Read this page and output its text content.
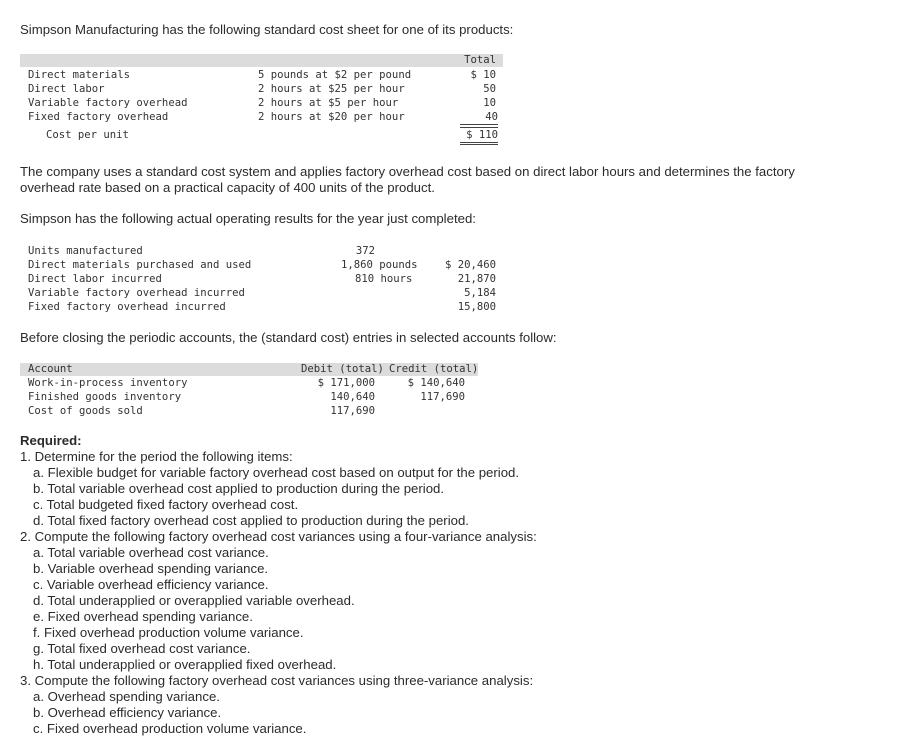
Simpson Manufacturing has the following standard cost sheet for one of its products:
Total
Direct materials	5 pounds at $2 per pound	$ 10
Direct labor	2 hours at $25 per hour	50
Variable factory overhead	2 hours at $5 per hour	10
Fixed factory overhead	2 hours at $20 per hour	40
Cost per unit	$ 110
The company uses a standard cost system and applies factory overhead cost based on direct labor hours and determines the factory
overhead rate based on a practical capacity of 400 units of the product.
Simpson has the following actual operating results for the year just completed:
Units manufactured	372
Direct materials purchased and used	1,860 pounds	$ 20,460
Direct labor incurred	810 hours	21,870
Variable factory overhead incurred	5,184
Fixed factory overhead incurred	15,800
Before closing the periodic accounts, the (standard cost) entries in selected accounts follow:
Account	Debit (total) Credit (total)
Work-in-process inventory	$ 171,000	$ 140,640
Finished goods inventory	140,640	117,690
Cost of goods sold	117,690
Required:
1. Determine for the period the following items:
a. Flexible budget for variable factory overhead cost based on output for the period.
b. Total variable overhead cost applied to production during the period.
c. Total budgeted fixed factory overhead cost.
d. Total fixed factory overhead cost applied to production during the period.
2. Compute the following factory overhead cost variances using a four-variance analysis:
a. Total variable overhead cost variance.
b. Variable overhead spending variance.
c. Variable overhead efficiency variance.
d. Total underapplied or overapplied variable overhead.
e. Fixed overhead spending variance.
f. Fixed overhead production volume variance.
g. Total fixed overhead cost variance.
h. Total underapplied or overapplied fixed overhead.
3. Compute the following factory overhead cost variances using three-variance analysis:
a. Overhead spending variance.
b. Overhead efficiency variance.
c. Fixed overhead production volume variance.
